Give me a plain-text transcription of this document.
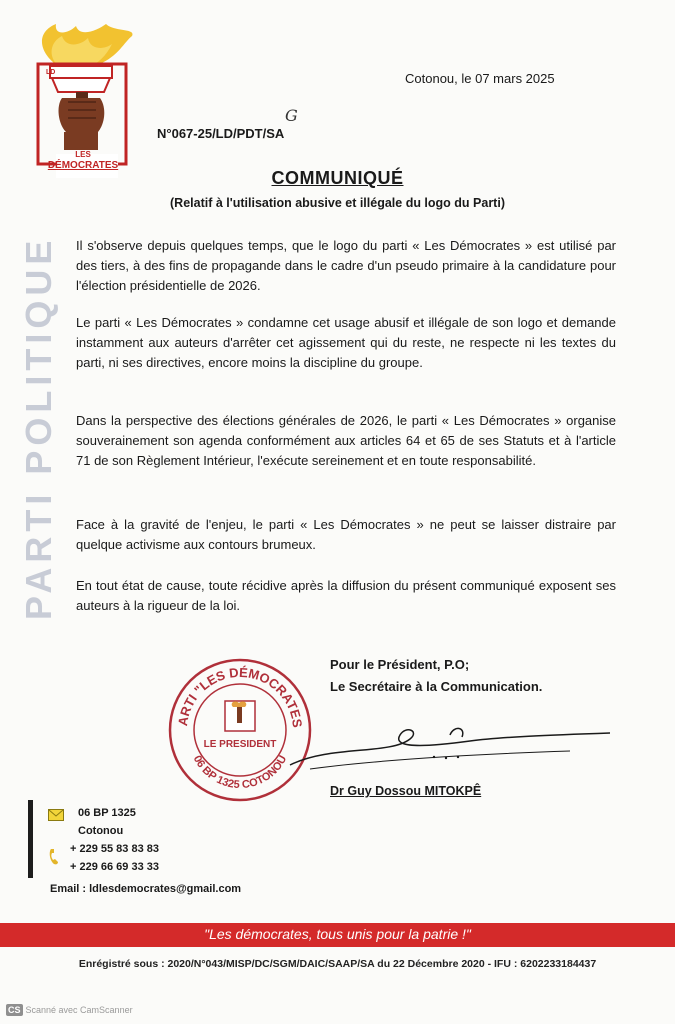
LD
LES
DÉMOCRATES
PARTI POLITIQUE
Cotonou, le 07 mars 2025
G
N°067-25/LD/PDT/SA
COMMUNIQUÉ
(Relatif à l'utilisation abusive et illégale du logo du Parti)
Il s'observe depuis quelques temps, que le logo du parti « Les Démocrates » est utilisé par des tiers, à des fins de propagande dans le cadre d'un pseudo primaire à la candidature pour l'élection présidentielle de 2026.
Le parti « Les Démocrates » condamne cet usage abusif et illégale de son logo et demande instamment aux auteurs d'arrêter cet agissement qui du reste, ne respecte ni les textes du parti, ni ses directives, encore moins la discipline du groupe.
Dans la perspective des élections générales de 2026, le parti « Les Démocrates » organise souverainement son agenda conformément aux articles 64 et 65 de ses Statuts et à l'article 71 de son Règlement Intérieur, l'exécute sereinement et en toute responsabilité.
Face à la gravité de l'enjeu, le parti « Les Démocrates » ne peut se laisser distraire par quelque activisme aux contours brumeux.
En tout état de cause, toute récidive après la diffusion du présent communiqué exposent ses auteurs à la rigueur de la loi.
Pour le Président, P.O;
Le Secrétaire à la Communication.
ARTI "LES DÉMOCRATES
06 BP 1325 COTONOU
LE PRESIDENT
Dr Guy Dossou MITOKPÊ
06 BP 1325
Cotonou
+ 229 55 83 83 83
+ 229 66 69 33 33
Email : ldlesdemocrates@gmail.com
"Les démocrates, tous unis pour la patrie !"
Enrégistré sous : 2020/N°043/MISP/DC/SGM/DAIC/SAAP/SA du 22 Décembre 2020 - IFU : 6202233184437
CS Scanné avec CamScanner
